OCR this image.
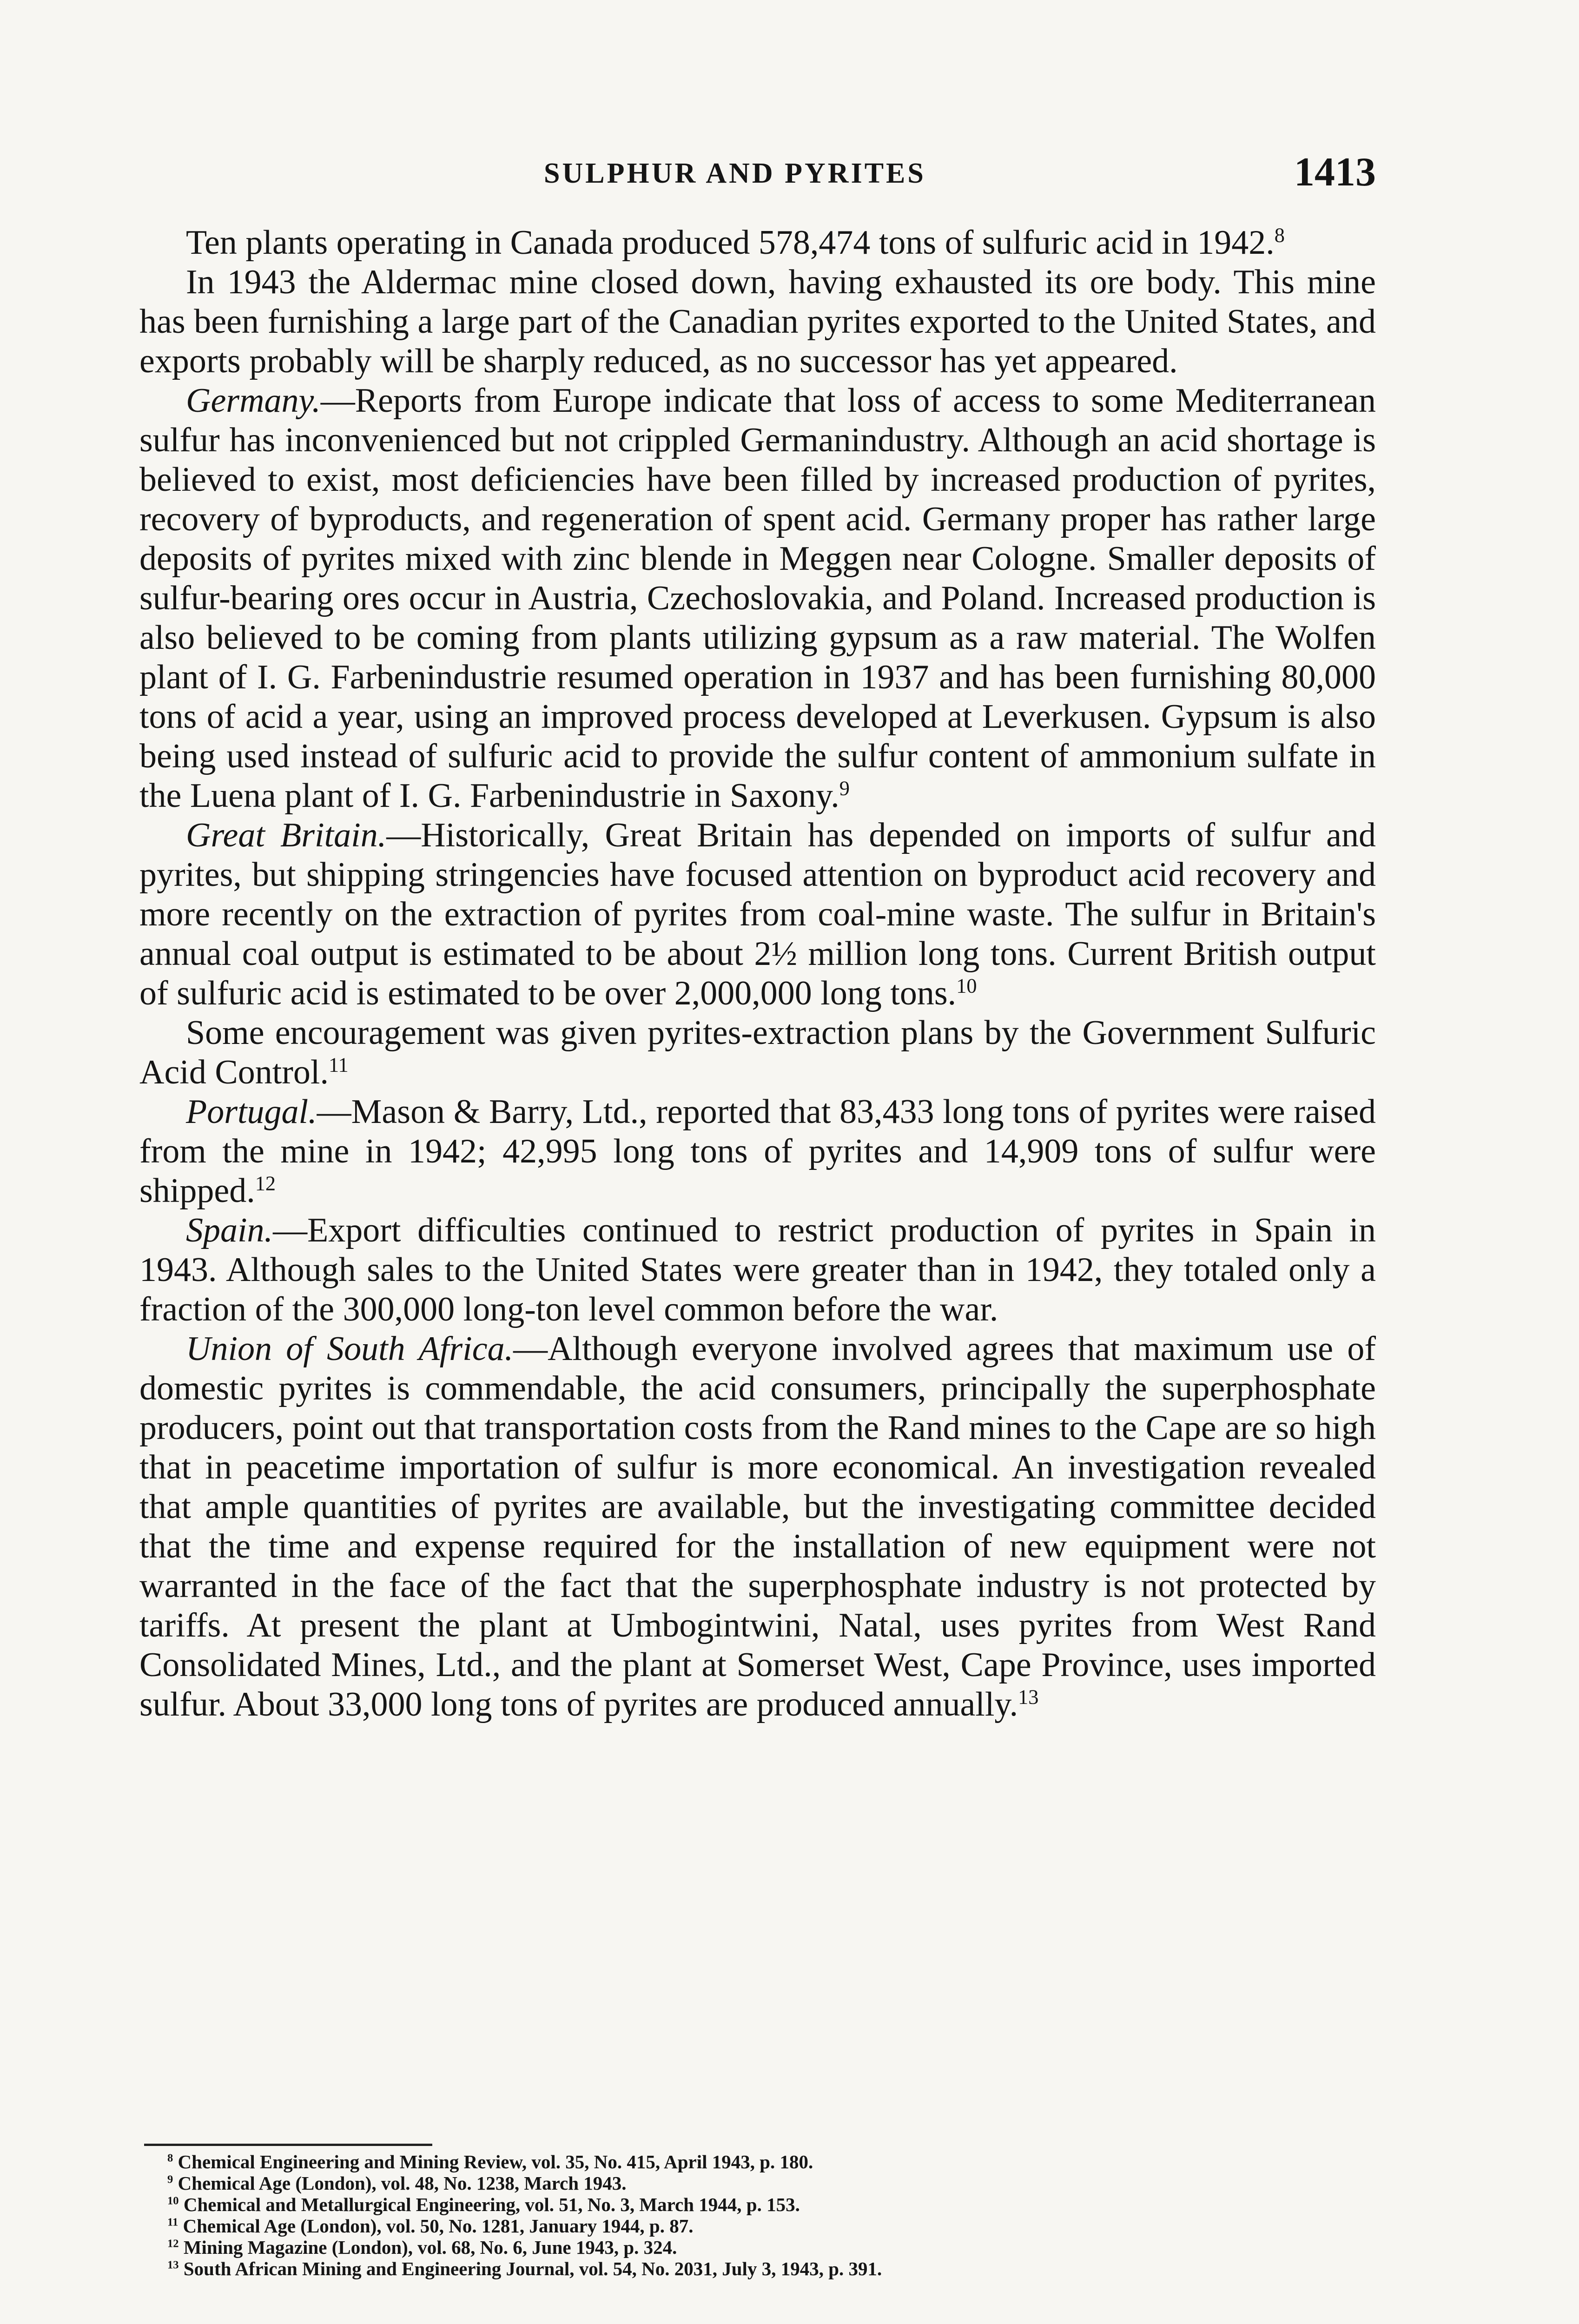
SULPHUR AND PYRITES	1413

Ten plants operating in Canada produced 578,474 tons of sulfuric acid in 1942.$^8$

In 1943 the Aldermac mine closed down, having exhausted its ore body. This mine has been furnishing a large part of the Canadian pyrites exported to the United States, and exports probably will be sharply reduced, as no successor has yet appeared.

Germany.—Reports from Europe indicate that loss of access to some Mediterranean sulfur has inconvenienced but not crippled Germanindustry. Although an acid shortage is believed to exist, most deficiencies have been filled by increased production of pyrites, recovery of byproducts, and regeneration of spent acid. Germany proper has rather large deposits of pyrites mixed with zinc blende in Meggen near Cologne. Smaller deposits of sulfur-bearing ores occur in Austria, Czechoslovakia, and Poland. Increased production is also believed to be coming from plants utilizing gypsum as a raw material. The Wolfen plant of I. G. Farbenindustrie resumed operation in 1937 and has been furnishing 80,000 tons of acid a year, using an improved process developed at Leverkusen. Gypsum is also being used instead of sulfuric acid to provide the sulfur content of ammonium sulfate in the Luena plant of I. G. Farbenindustrie in Saxony.$^9$

Great Britain.—Historically, Great Britain has depended on imports of sulfur and pyrites, but shipping stringencies have focused attention on byproduct acid recovery and more recently on the extraction of pyrites from coal-mine waste. The sulfur in Britain's annual coal output is estimated to be about 2½ million long tons. Current British output of sulfuric acid is estimated to be over 2,000,000 long tons.$^{10}$

Some encouragement was given pyrites-extraction plans by the Government Sulfuric Acid Control.$^{11}$

Portugal.—Mason & Barry, Ltd., reported that 83,433 long tons of pyrites were raised from the mine in 1942; 42,995 long tons of pyrites and 14,909 tons of sulfur were shipped.$^{12}$

Spain.—Export difficulties continued to restrict production of pyrites in Spain in 1943. Although sales to the United States were greater than in 1942, they totaled only a fraction of the 300,000 long-ton level common before the war.

Union of South Africa.—Although everyone involved agrees that maximum use of domestic pyrites is commendable, the acid consumers, principally the superphosphate producers, point out that transportation costs from the Rand mines to the Cape are so high that in peacetime importation of sulfur is more economical. An investigation revealed that ample quantities of pyrites are available, but the investigating committee decided that the time and expense required for the installation of new equipment were not warranted in the face of the fact that the superphosphate industry is not protected by tariffs. At present the plant at Umbogintwini, Natal, uses pyrites from West Rand Consolidated Mines, Ltd., and the plant at Somerset West, Cape Province, uses imported sulfur. About 33,000 long tons of pyrites are produced annually.$^{13}$

$^8$ Chemical Engineering and Mining Review, vol. 35, No. 415, April 1943, p. 180.
$^9$ Chemical Age (London), vol. 48, No. 1238, March 1943.
$^{10}$ Chemical and Metallurgical Engineering, vol. 51, No. 3, March 1944, p. 153.
$^{11}$ Chemical Age (London), vol. 50, No. 1281, January 1944, p. 87.
$^{12}$ Mining Magazine (London), vol. 68, No. 6, June 1943, p. 324.
$^{13}$ South African Mining and Engineering Journal, vol. 54, No. 2031, July 3, 1943, p. 391.
